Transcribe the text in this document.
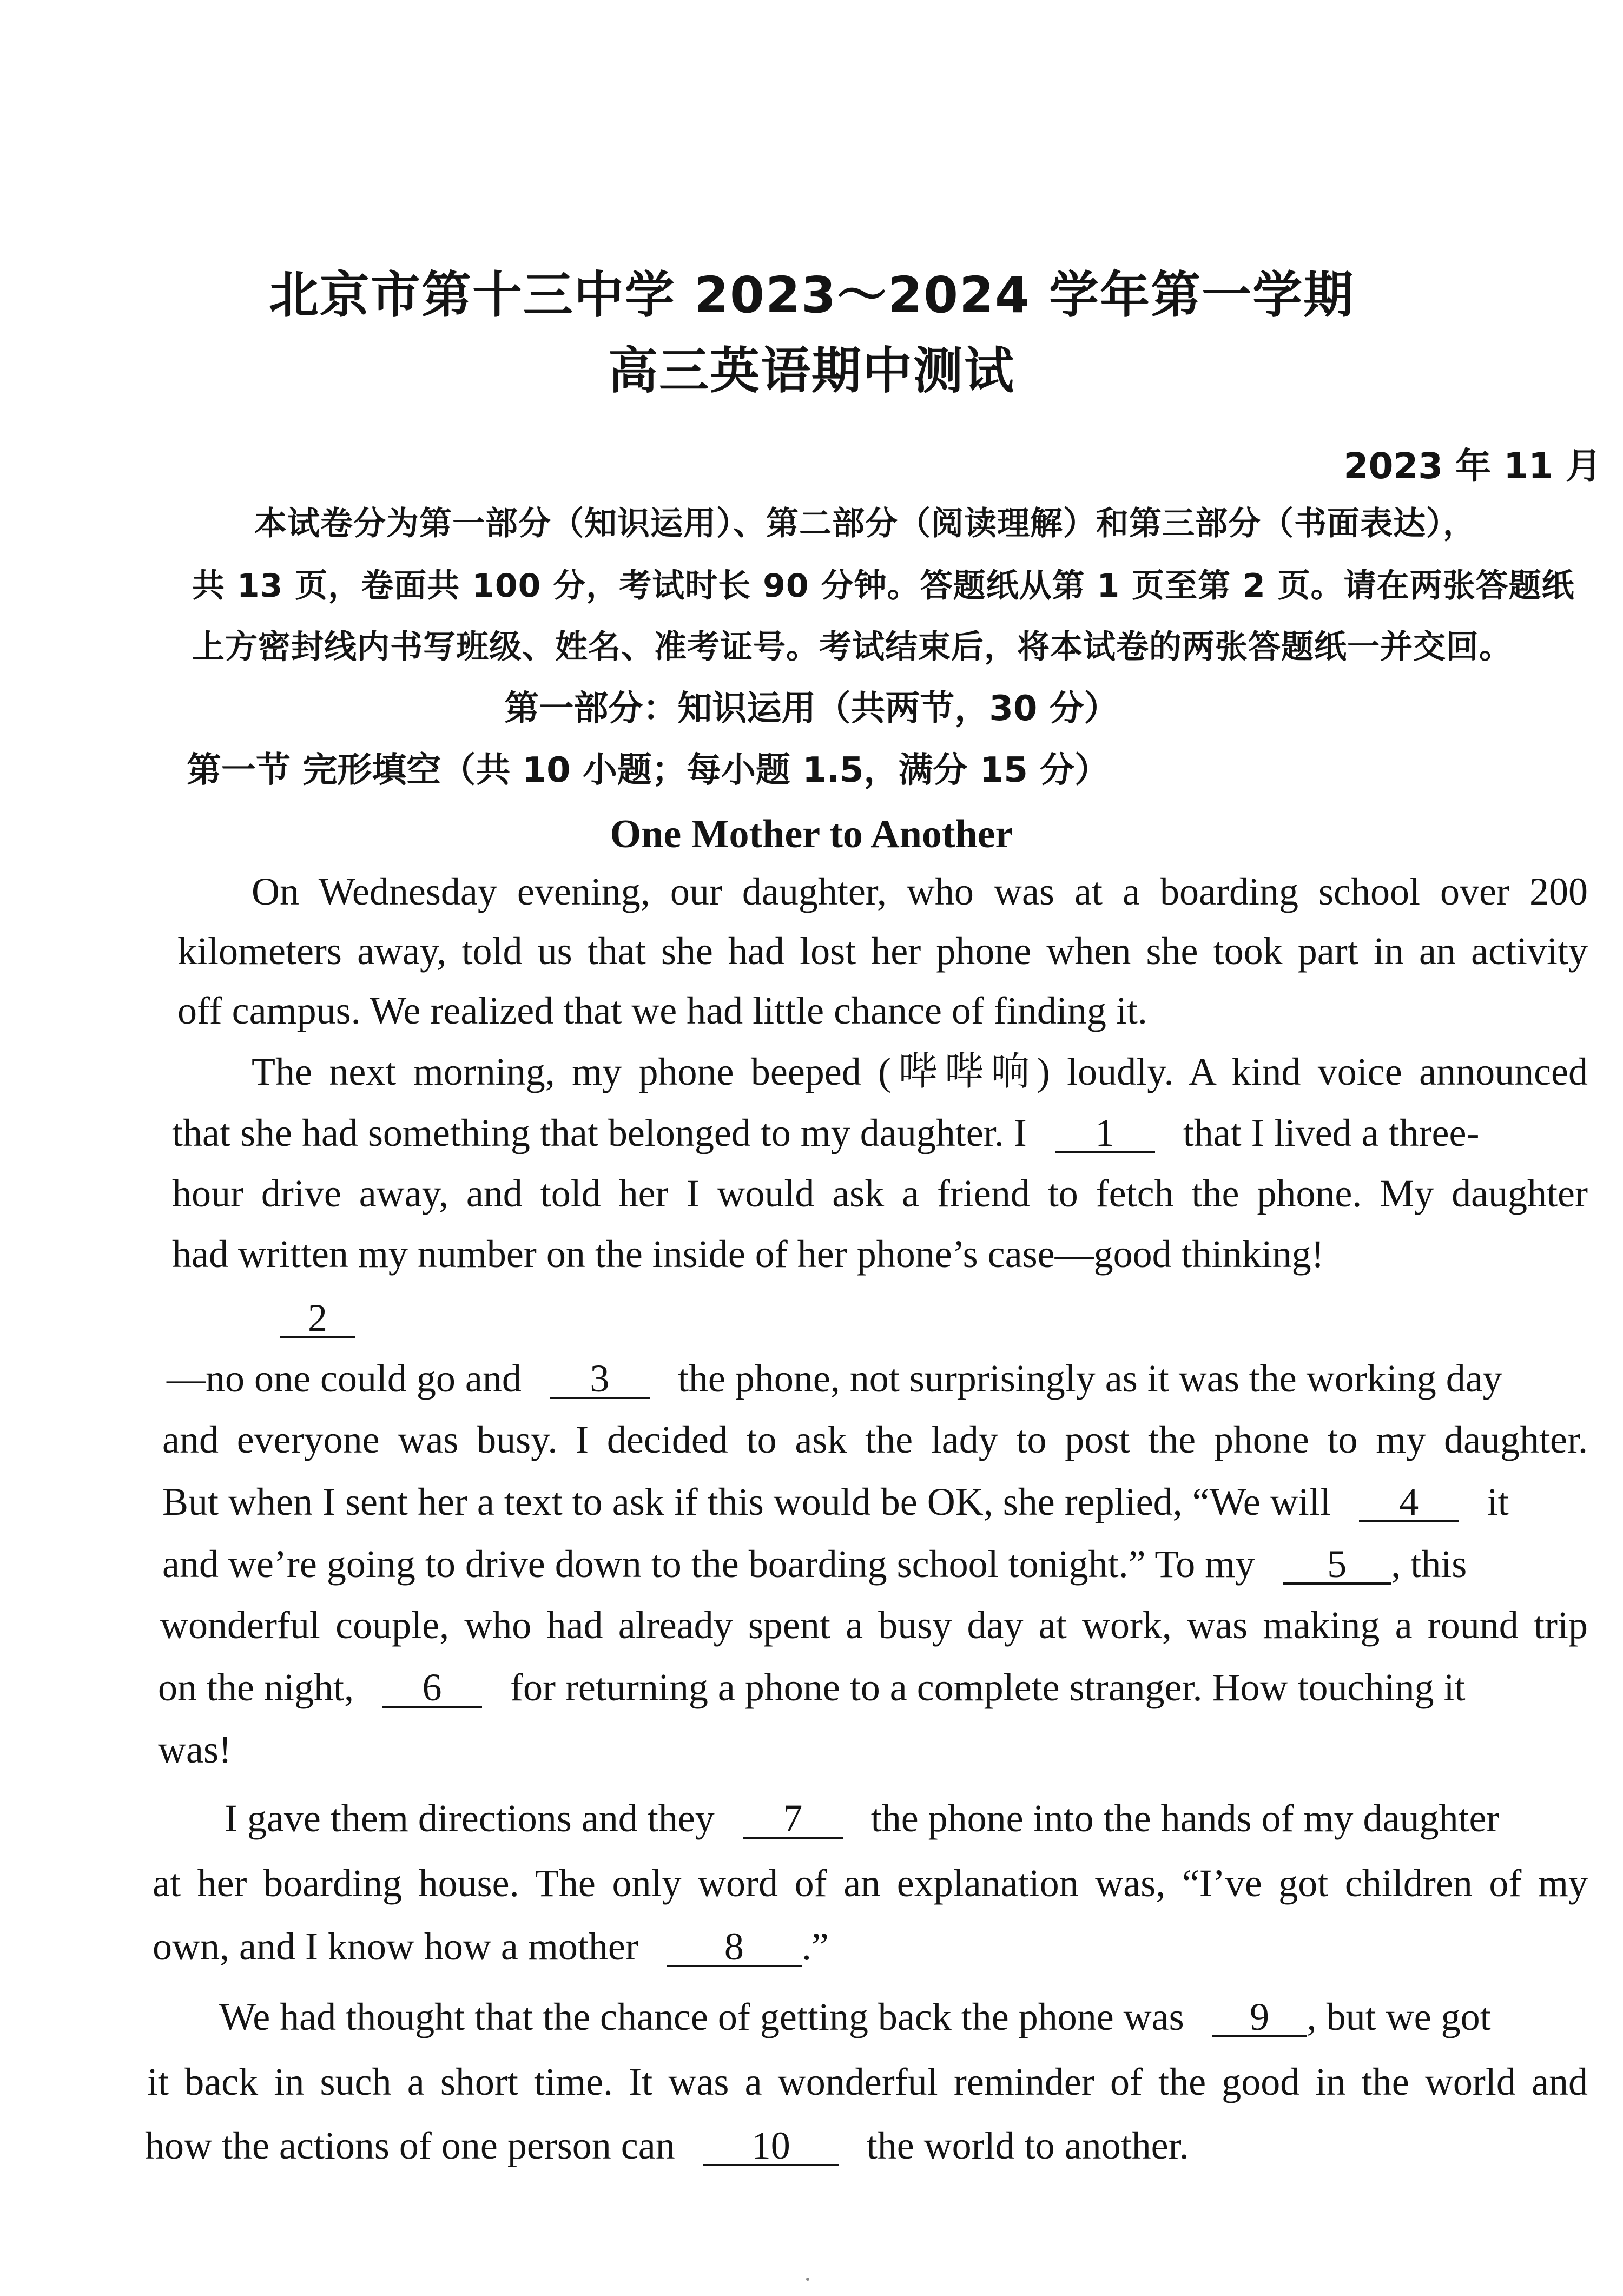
北京市第十三中学 2023～2024 学年第一学期
高三英语期中测试
2023 年 11 月
本试卷分为第一部分（知识运用）、第二部分（阅读理解）和第三部分（书面表达），
共 13 页，卷面共 100 分，考试时长 90 分钟。答题纸从第 1 页至第 2 页。请在两张答题纸
上方密封线内书写班级、姓名、准考证号。考试结束后，将本试卷的两张答题纸一并交回。
第一部分：知识运用（共两节，30 分）
第一节 完形填空（共 10 小题；每小题 1.5，满分 15 分）
One Mother to Another
On Wednesday evening, our daughter, who was at a boarding school over 200
kilometers away, told us that she had lost her phone when she took part in an activity
off campus. We realized that we had little chance of finding it.
The next morning, my phone beeped (哔哔响) loudly. A kind voice announced
that she had something that belonged to my daughter. I 1 that I lived a three-
hour drive away, and told her I would ask a friend to fetch the phone. My daughter
had written my number on the inside of her phone’s case—good thinking!
2
—no one could go and 3 the phone, not surprisingly as it was the working day
and everyone was busy. I decided to ask the lady to post the phone to my daughter.
But when I sent her a text to ask if this would be OK, she replied, “We will 4 it
and we’re going to drive down to the boarding school tonight.” To my 5 , this
wonderful couple, who had already spent a busy day at work, was making a round trip
on the night, 6 for returning a phone to a complete stranger. How touching it
was!
I gave them directions and they 7 the phone into the hands of my daughter
at her boarding house. The only word of an explanation was, “I’ve got children of my
own, and I know how a mother 8 .”
We had thought that the chance of getting back the phone was 9 , but we got
it back in such a short time. It was a wonderful reminder of the good in the world and
how the actions of one person can 10 the world to another.
